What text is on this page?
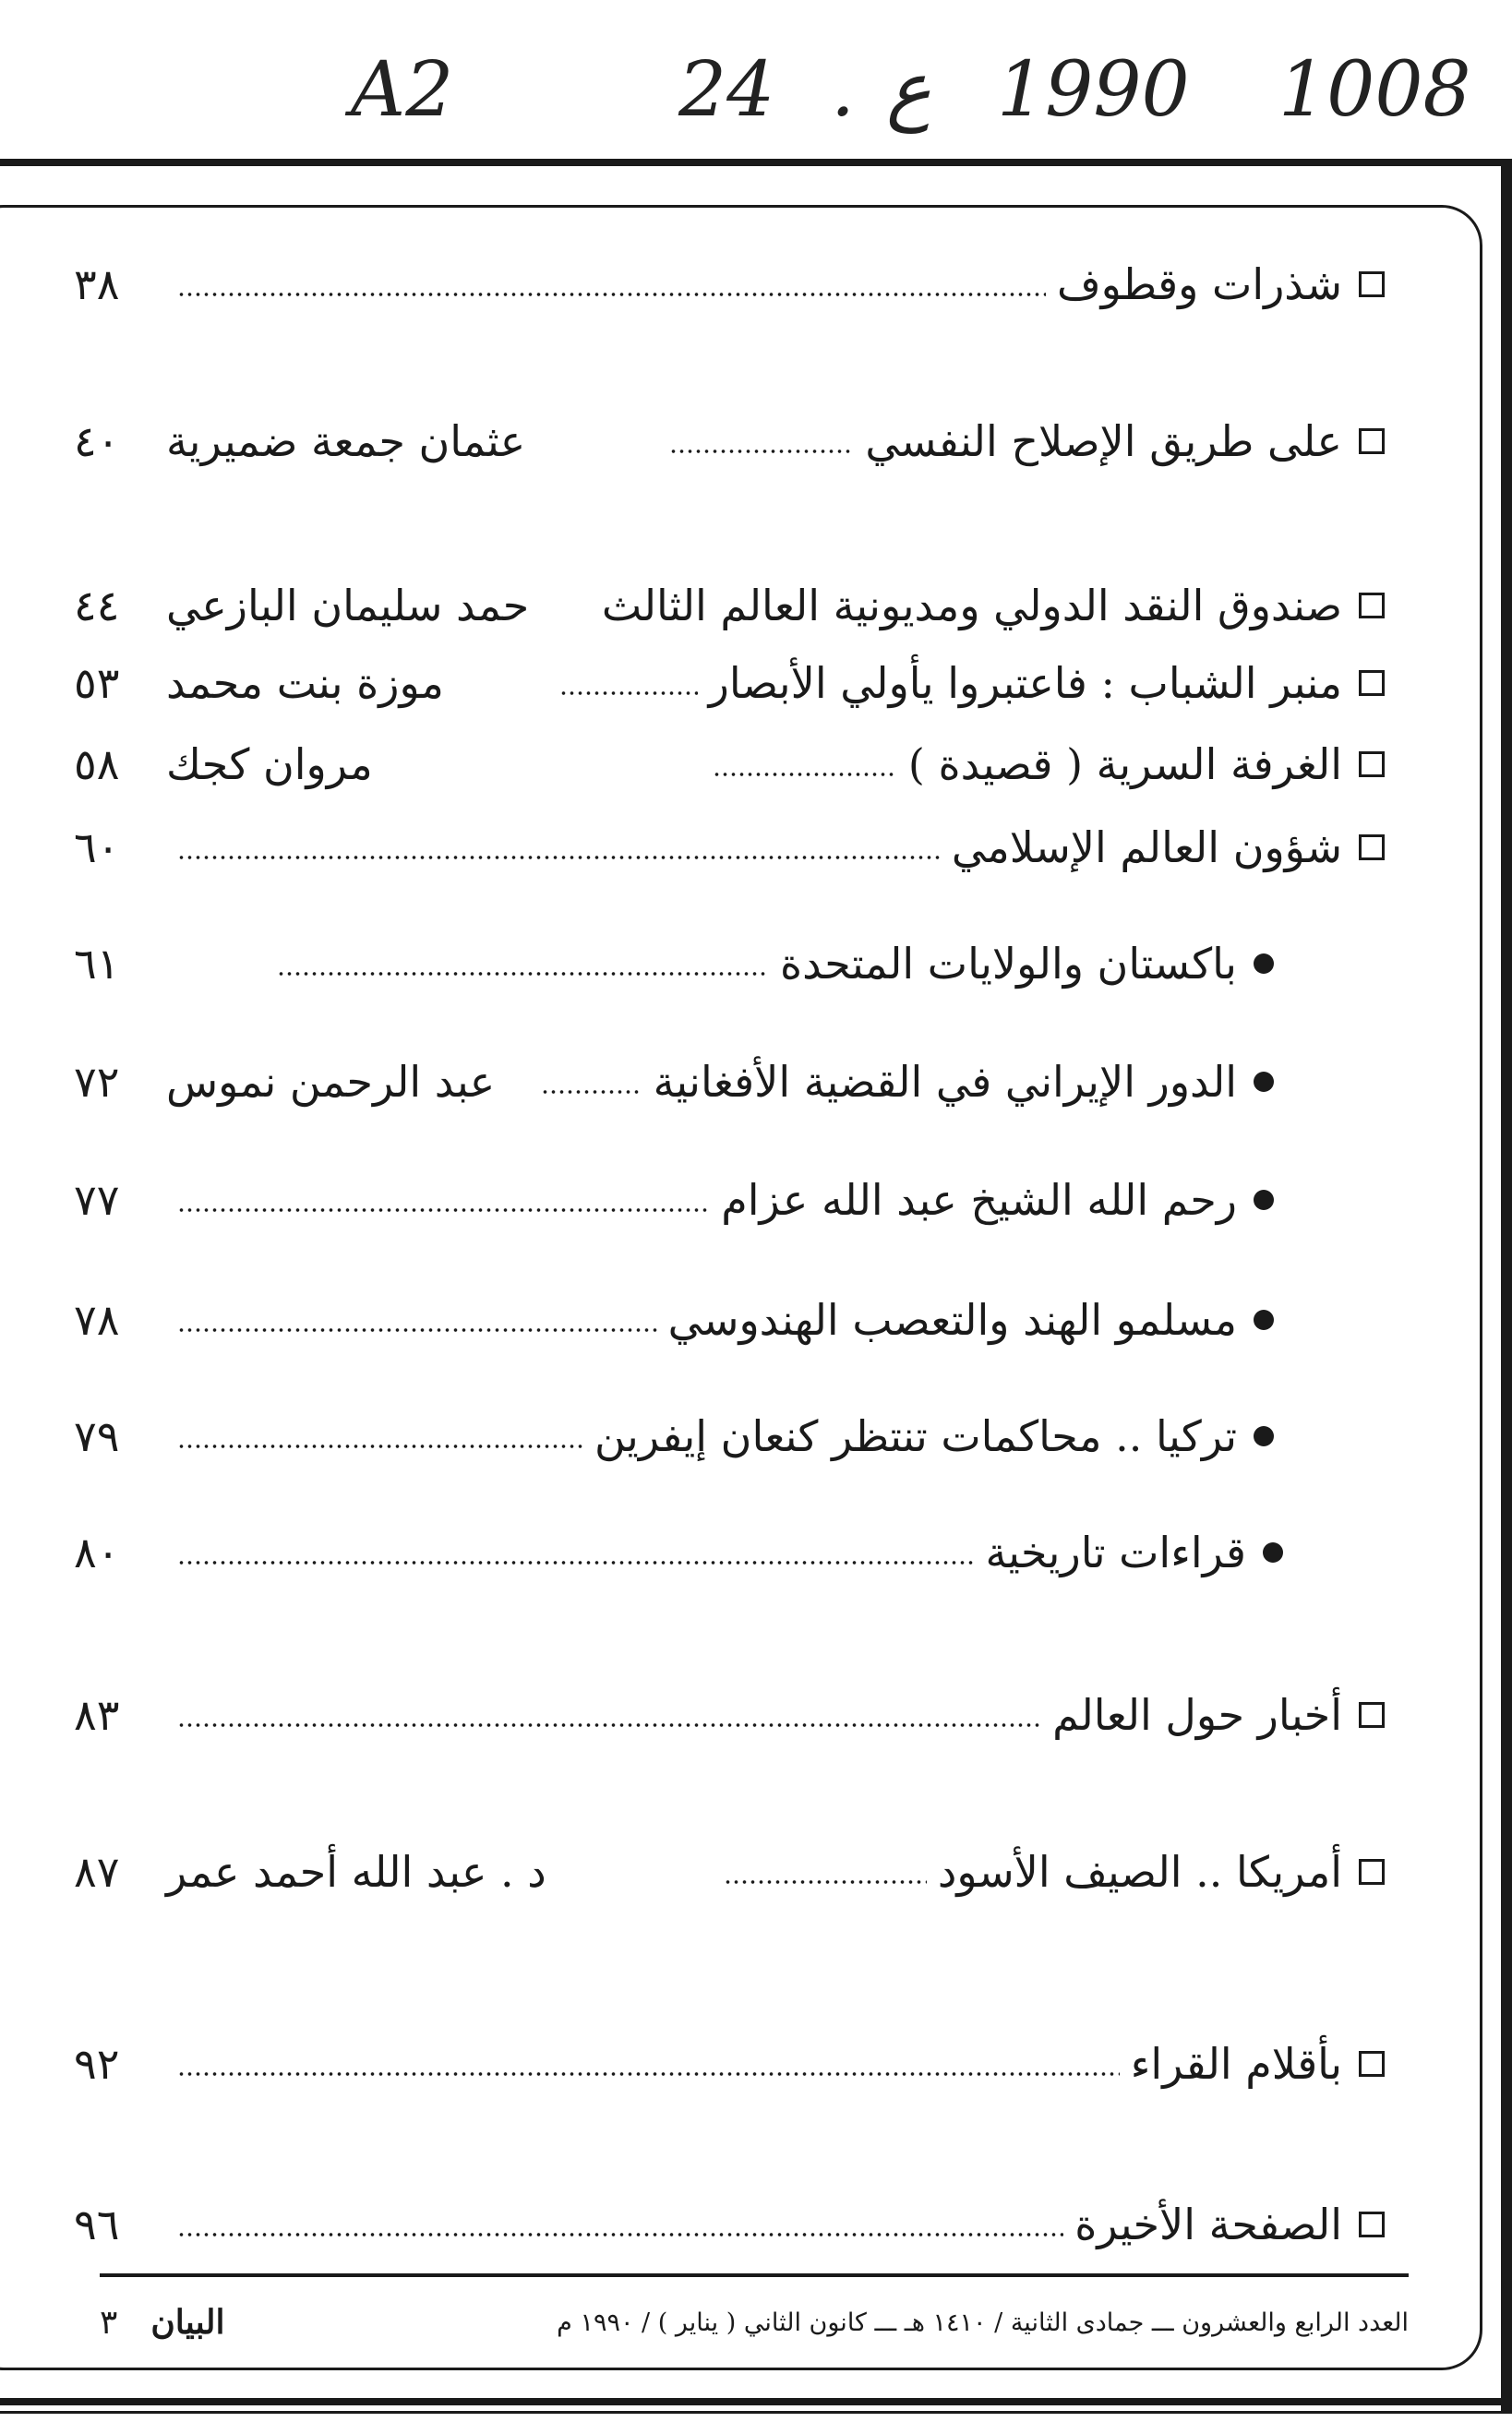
A2	24 . ع 1990 1008
شذرات وقطوف
٣٨
على طريق الإصلاح النفسي
عثمان جمعة ضميرية
٤٠
صندوق النقد الدولي ومديونية العالم الثالث
حمد سليمان البازعي
٤٤
منبر الشباب : فاعتبروا يأولي الأبصار
موزة بنت محمد
٥٣
الغرفة السرية ( قصيدة )
مروان كجك
٥٨
شؤون العالم الإسلامي
٦٠
باكستان والولايات المتحدة
٦١
الدور الإيراني في القضية الأفغانية
عبد الرحمن نموس
٧٢
رحم الله الشيخ عبد الله عزام
٧٧
مسلمو الهند والتعصب الهندوسي
٧٨
تركيا .. محاكمات تنتظر كنعان إيفرين
٧٩
قراءات تاريخية
٨٠
أخبار حول العالم
٨٣
أمريكا .. الصيف الأسود
د . عبد الله أحمد عمر
٨٧
بأقلام القراء
٩٢
الصفحة الأخيرة
٩٦
العدد الرابع والعشرون ـــ جمادى الثانية / ١٤١٠ هـ ـــ كانون الثاني ( يناير ) / ١٩٩٠ م
البيان
٣
